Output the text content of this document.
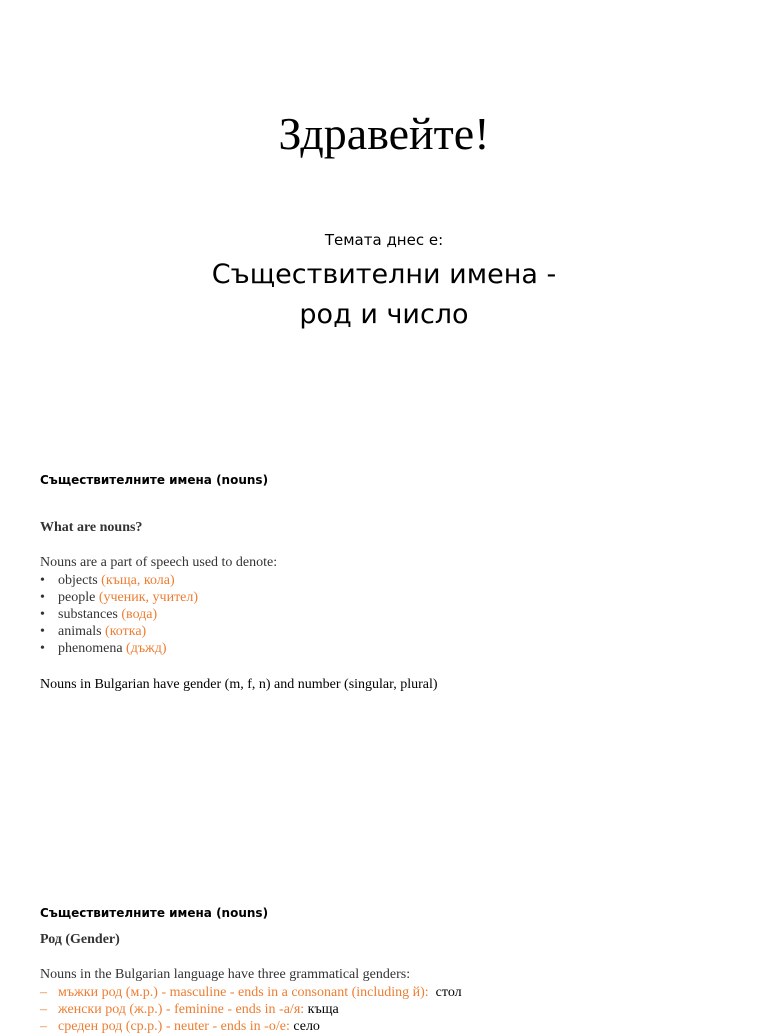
Здравейте!
Темата днес е:
Съществителни имена -
род и число
Съществителните имена (nouns)
What are nouns?
Nouns are a part of speech used to denote:
• objects (къща, кола)
• people (ученик, учител)
• substances (вода)
• animals (котка)
• phenomena (дъжд)
Nouns in Bulgarian have gender (m, f, n) and number (singular, plural)
Съществителните имена (nouns)
Род (Gender)
Nouns in the Bulgarian language have three grammatical genders:
– мъжки род (м.р.) - masculine - ends in a consonant (including й): стол
– женски род (ж.р.) - feminine - ends in -а/я: къща
– среден род (ср.р.) - neuter - ends in -о/е: село
